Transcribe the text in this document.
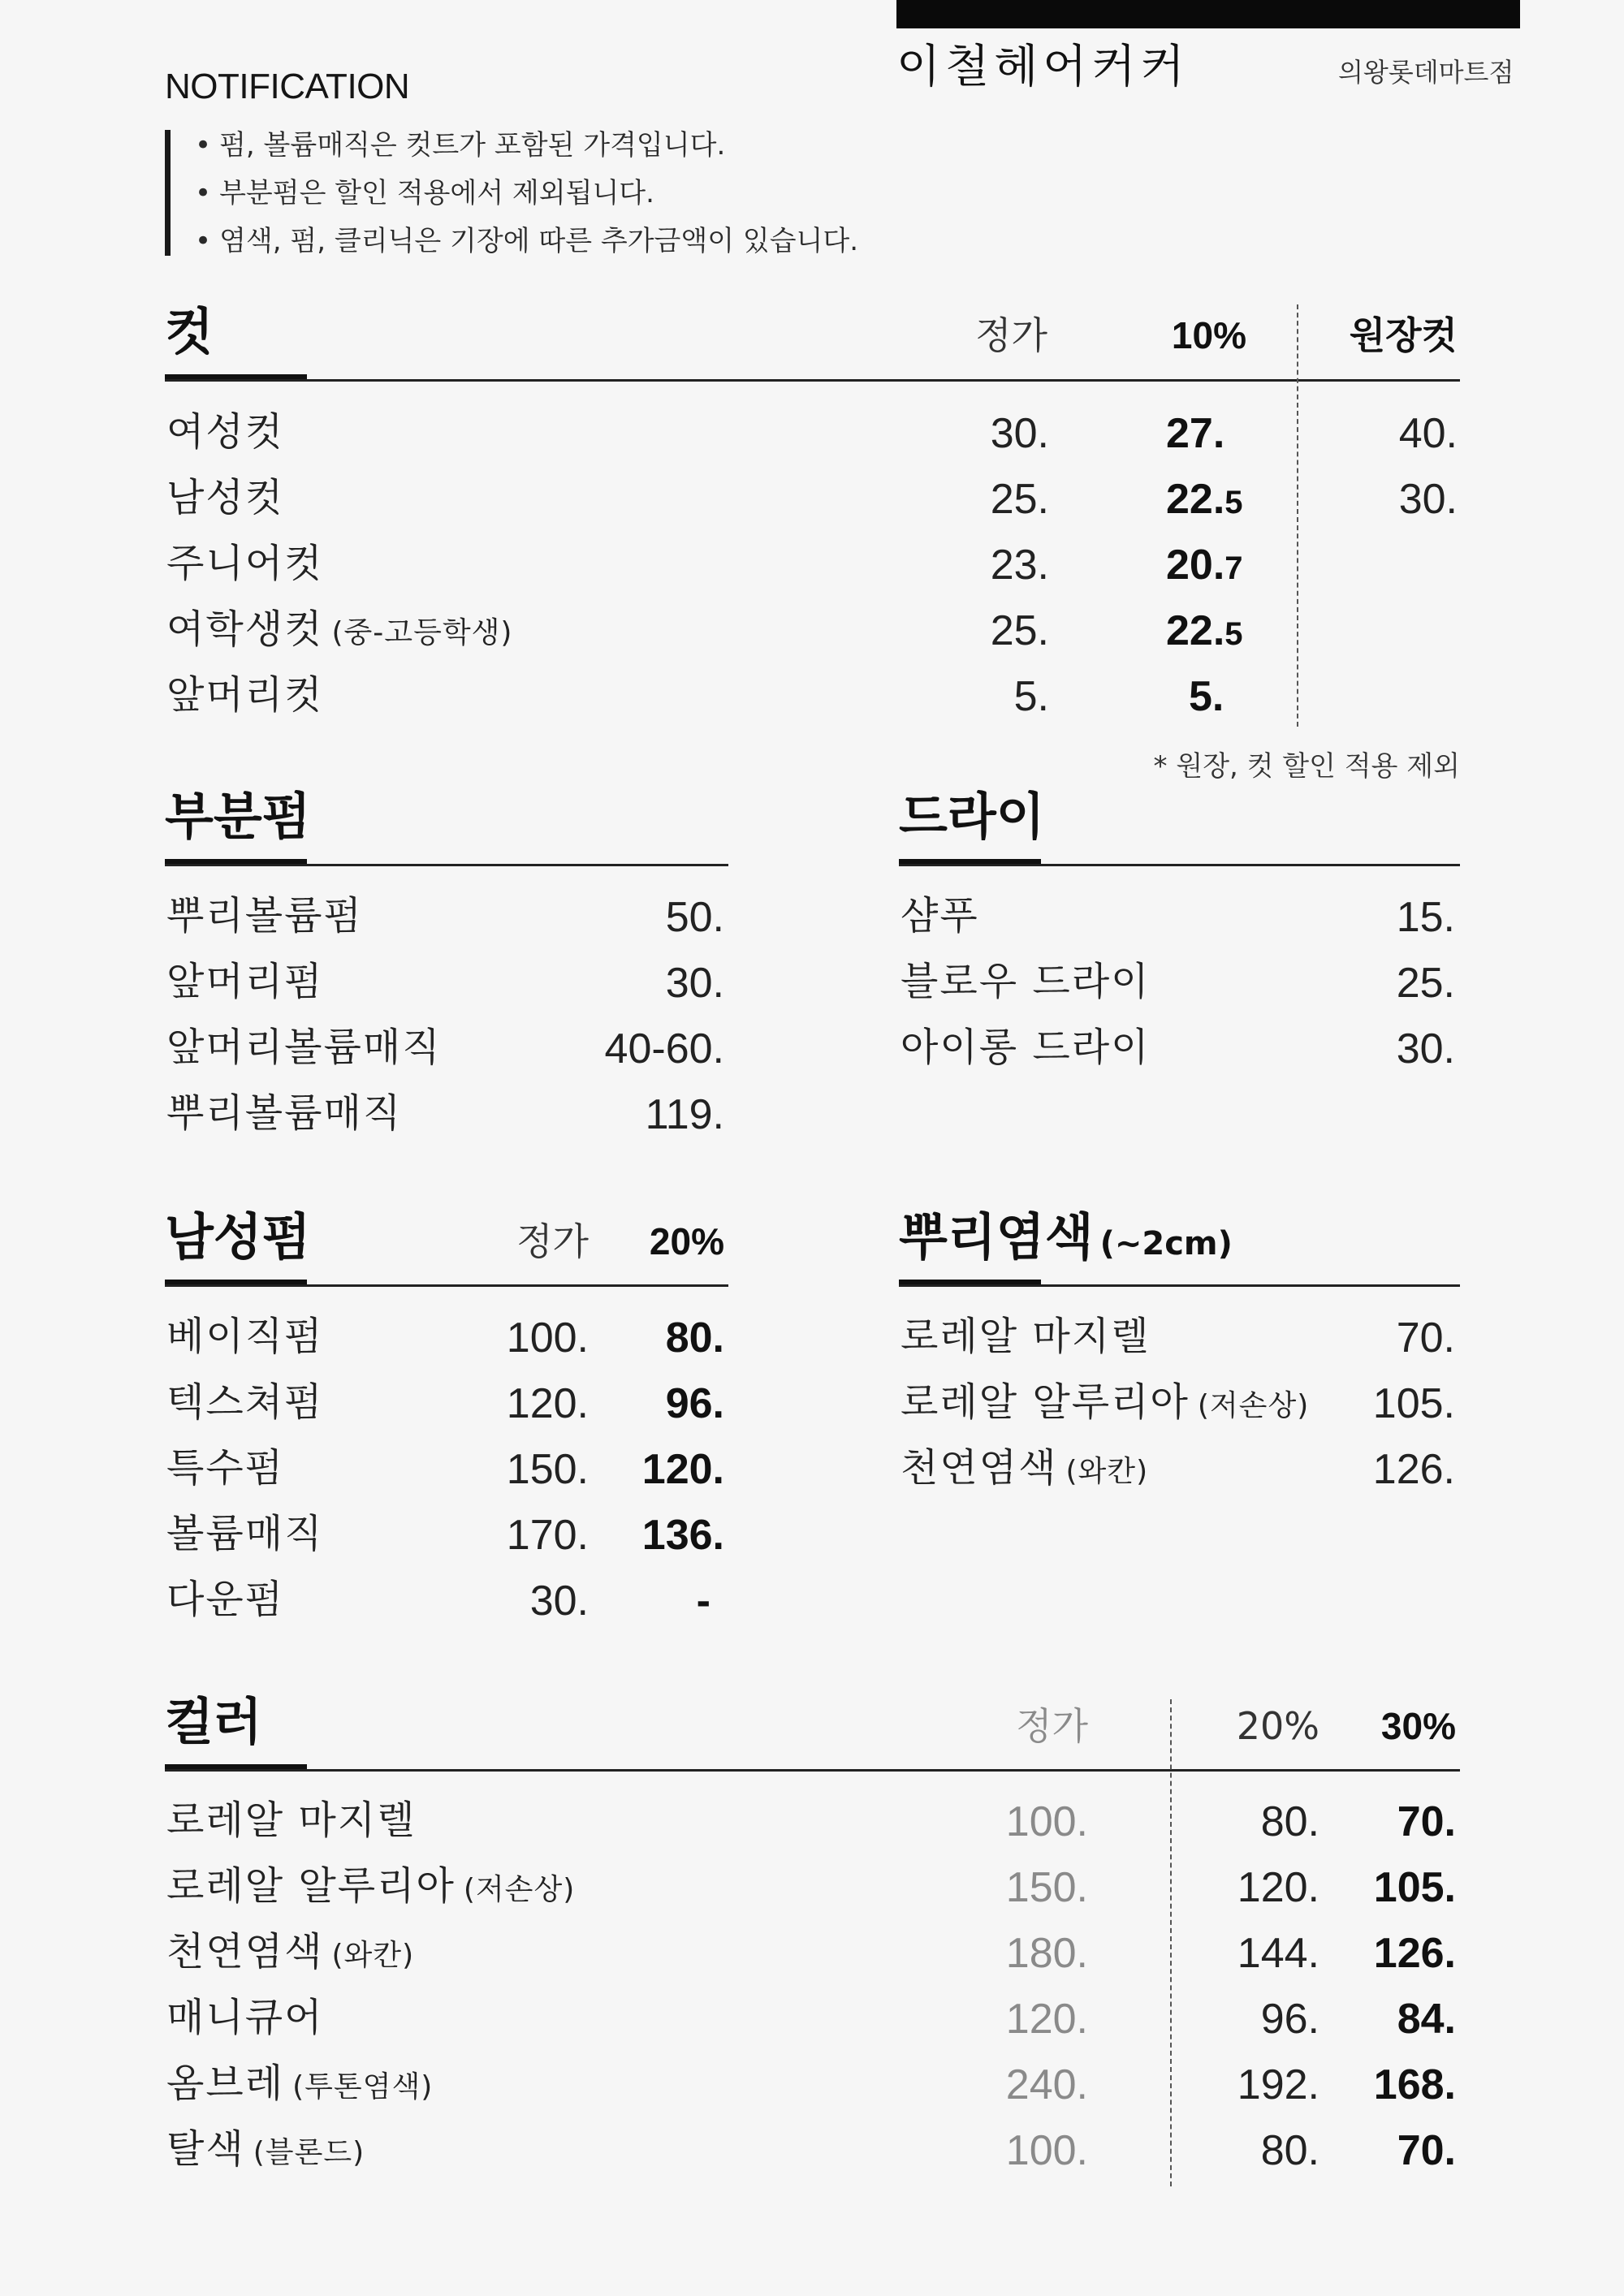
이철헤어커커	의왕롯데마트점
NOTIFICATION
• 펌, 볼륨매직은 컷트가 포함된 가격입니다.
• 부분펌은 할인 적용에서 제외됩니다.
• 염색, 펌, 클리닉은 기장에 따른 추가금액이 있습니다.
컷	정가	10%	원장컷
여성컷	30.	27.	40.
남성컷	25.	22.5	30.
주니어컷	23.	20.7
여학생컷 (중-고등학생)	25.	22.5
앞머리컷	5.	5.
* 원장, 컷 할인 적용 제외
부분펌
뿌리볼륨펌	50.
앞머리펌	30.
앞머리볼륨매직	40-60.
뿌리볼륨매직	119.
드라이
샴푸	15.
블로우 드라이	25.
아이롱 드라이	30.
남성펌	정가	20%
베이직펌	100.	80.
텍스쳐펌	120.	96.
특수펌	150.	120.
볼륨매직	170.	136.
다운펌	30.	-
뿌리염색 (~2cm)
로레알 마지렐	70.
로레알 알루리아 (저손상)	105.
천연염색 (와칸)	126.
컬러	정가	20%	30%
로레알 마지렐	100.	80.	70.
로레알 알루리아 (저손상)	150.	120.	105.
천연염색 (와칸)	180.	144.	126.
매니큐어	120.	96.	84.
옴브레 (투톤염색)	240.	192.	168.
탈색 (블론드)	100.	80.	70.
